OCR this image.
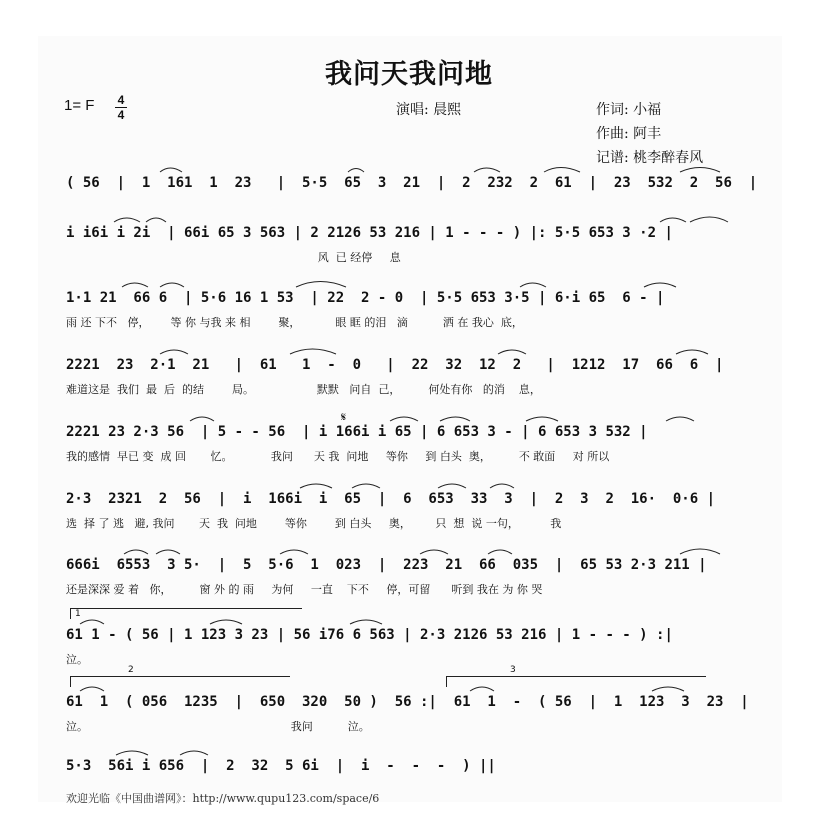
我问天我问地
1= F 4
4	演唱: 晨熙	作词: 小福
作曲: 阿丰
记谱: 桃李醉春风
( 56  |  1  161  1  23   |  5·5  65  3  21  |  2  232  2  61  |  23  532  2  56  |
i i6i i 2i  | 66i 65 3 563 | 2 2126 53 216 | 1 - - - ) |: 5·5 653 3 ·2 |
风  已 经停     息
1·1 21  66 6  | 5·6 16 1 53  | 22  2 - 0  | 5·5 653 3·5 | 6·i 65  6 - |
雨 还 下不   停，      等 你 与我 来 相        聚，          眼 眶 的泪   滴          洒 在 我心  底，
2221  23  2·1  21   |  61   1  -  0   |  22  32  12  2   |  1212  17  66  6  |
难道这是  我们  最  后  的结        局。                  默默   问自  己，        何处有你   的消    息，
2221 23 2·3 56  | 5 - - 56  | i 166i i 65 | 6 653 3 - | 6 653 3 532 |
我的感情  早已 变  成 回       忆。           我问      天 我  问地     等你     到 白头  奥，        不 敢面     对 所以
𝄋
2·3  2321  2  56  |  i  166i  i  65  |  6  653  33  3  |  2  3  2  16·  0·6 |
选  择 了 逃   避, 我问       天  我  问地        等你        到 白头     奥，       只  想  说 一句，         我
666i  6553  3 5·  |  5  5·6  1  023  |  223  21  66  035  |  65 53 2·3 211 |
还是深深 爱 着   你，        窗 外 的 雨     为何     一直    下不     停，可留      听到 我在 为 你 哭
1
61 1 - ( 56 | 1 123 3 23 | 56 i76 6 563 | 2·3 2126 53 216 | 1 - - - ) :|
泣。
2	3
61  1  ( 056  1235  |  650  320  50 )  56 :|  61  1  -  ( 56  |  1  123  3  23  |
泣。                                                          我问          泣。
5·3  56i i 656  |  2  32  5 6i  |  i  -  -  -  ) ||
欢迎光临《中国曲谱网》：http://www.qupu123.com/space/6
